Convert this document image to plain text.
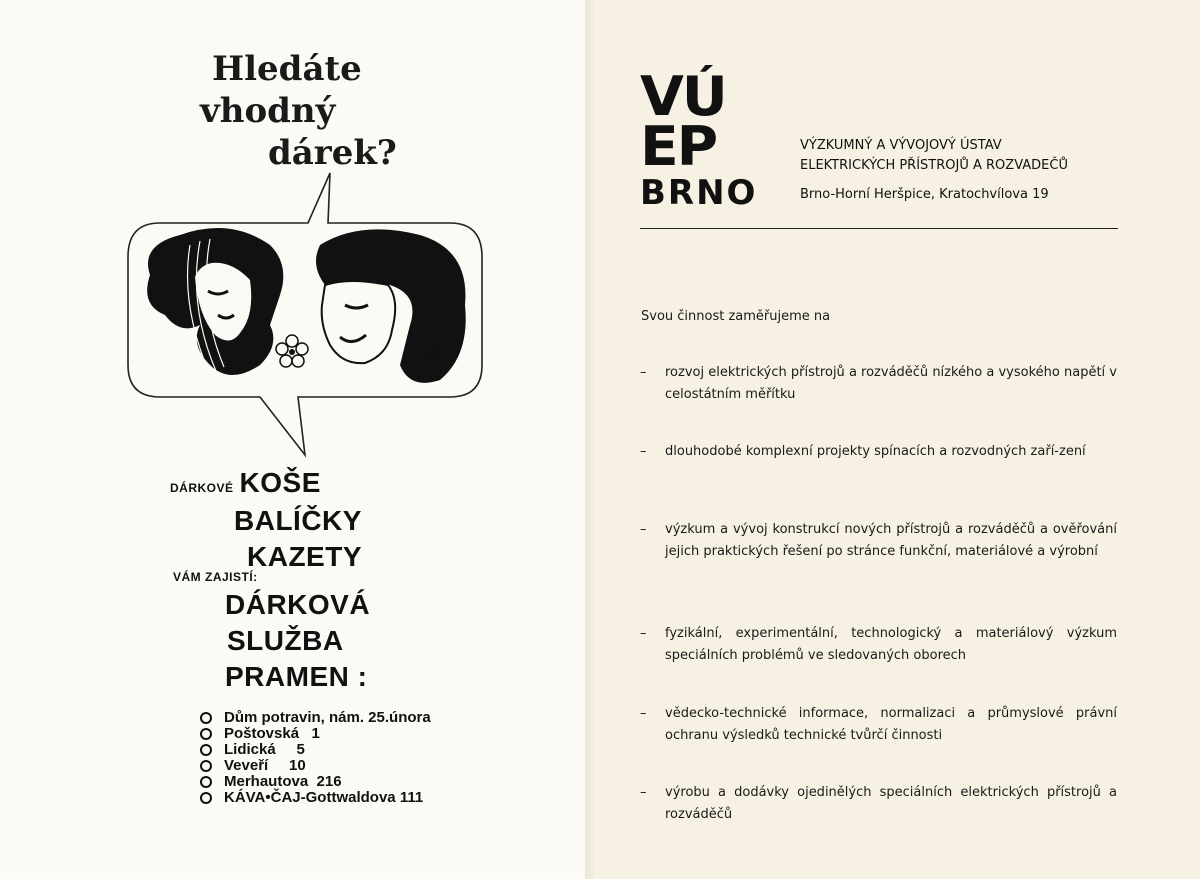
Hledáte
vhodný
dárek?
DÁRKOVÉ KOŠE
BALÍČKY
KAZETY
VÁM ZAJISTÍ:
DÁRKOVÁ
SLUŽBA
PRAMEN :
Dům potravin, nám. 25.února
Poštovská   1
Lidická     5
Veveří     10
Merhautova  216
KÁVA•ČAJ-Gottwaldova 111
VÚ
EP
BRNO
VÝZKUMNÝ A VÝVOJOVÝ ÚSTAV
ELEKTRICKÝCH PŘÍSTROJŮ A ROZVADEČŮ
Brno-Horní Heršpice, Kratochvílova 19
Svou činnost zaměřujeme na
–	rozvoj elektrických přístrojů a rozváděčů nízkého a vysokého napětí v celostátním měřítku
–	dlouhodobé komplexní projekty spínacích a rozvodných zaří-zení
–	výzkum a vývoj konstrukcí nových přístrojů a rozváděčů a ověřování jejich praktických řešení po stránce funkční, materiálové a výrobní
–	fyzikální, experimentální, technologický a materiálový výzkum speciálních problémů ve sledovaných oborech
–	vědecko-technické informace, normalizaci a průmyslové právní ochranu výsledků technické tvůrčí činnosti
–	výrobu a dodávky ojedinělých speciálních elektrických přístrojů a rozváděčů
